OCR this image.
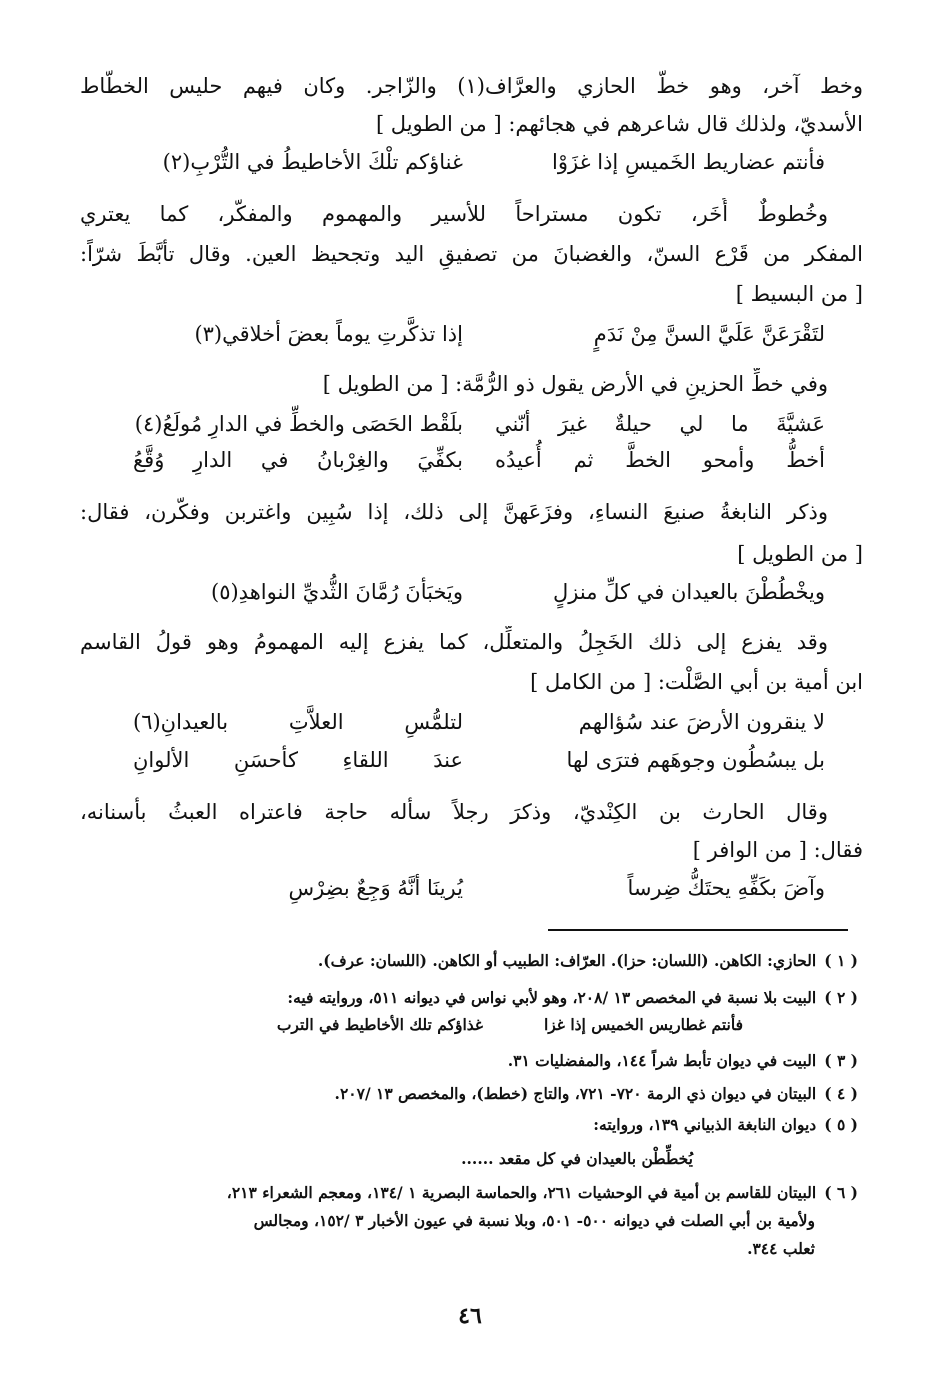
وخط آخر، وهو خطُّ الحازي والعرَّاف(١) والزّاجر. وكان فيهم حليس الخطَّاط
الأسديّ، ولذلك قال شاعرهم في هجائهم: [ من الطويل ]
فأنتم عضاريط الخَميسِ إذا غزَوْا
غناؤكم تلْكَ الأخاطيطُ في التُّرْبِ(٢)
وخُطوطٌ أُخَر، تكون مستراحاً للأسير والمهموم والمفكّر، كما يعتري
المفكر من قَرْع السنّ، والغضبانَ من تصفيقِ اليد وتجحيظ العين. وقال تأبَّطَ شرّاً:
[ من البسيط ]
لتَقْرَعَنَّ عَلَيَّ السنَّ مِنْ نَدَمٍ
إذا تذكَّرتِ يوماً بعضَ أخلاقي(٣)
وفي خطِّ الحزينِ في الأرض يقول ذو الرُّمَّة: [ من الطويل ]
عَشيَّةَ ما لي حيلةٌ غيرَ أنّني
بلَقْط الحَصَى والخطِّ في الدارِ مُولَعُ(٤)
أخطُّ وأمحو الخطَّ ثم أُعيدُه
بكفِّيَ والغِرْبانُ في الدارِ وُقَّعُ
وذكر النابغةُ صنيعَ النساءِ، وفزَعَهنَّ إلى ذلك، إذا سُبِين واغتربن وفكّرن، فقال:
[ من الطويل ]
ويخْطُطْنَ بالعيدان في كلِّ منزلٍ
ويَخبَأنَ رُمَّانَ الثُّديِّ النواهدِ(٥)
وقد يفزع إلى ذلك الخَجِلُ والمتعلِّل، كما يفزع إليه المهمومُ وهو قولُ القاسم
ابن أمية بن أبي الصَّلْت: [ من الكامل ]
لا ينقرون الأرضَ عند سُؤالهم
لتلمُّسِ العلاَّتِ بالعيدانِ(٦)
بل يبسُطُون وجوهَهم فترَى لها
عندَ اللقاءِ كأحسَنِ الألوانِ
وقال الحارث بن الكِنْديّ، وذكرَ رجلاً سأله حاجة فاعتراه العبثُ بأسنانه،
فقال: [ من الوافر ]
وآضَ بكَفِّهِ يحتَكُّ ضِرساً
يُرينَا أنَّهُ وَجِعٌ بضِرْسِ
( ١ )الحازي: الكاهن. (اللسان: حزا). العرّاف: الطبيب أو الكاهن. (اللسان: عرف).
( ٢ )البيت بلا نسبة في المخصص ١٣ /٢٠٨، وهو لأبي نواس في ديوانه ٥١١، وروايته فيه:
فأنتم غطاريس الخميس إذا غزا
غذاؤكم تلك الأخاطيط في الترب
( ٣ )البيت في ديوان تأبط شراً ١٤٤، والمفضليات ٣١.
( ٤ )البيتان في ديوان ذي الرمة ٧٢٠- ٧٢١، والتاج (خطط)، والمخصص ١٣ /٢٠٧.
( ٥ )ديوان النابغة الذبياني ١٣٩، وروايته:
يُخطِّطْن بالعيدان في كل مقعد ......
( ٦ )البيتان للقاسم بن أمية في الوحشيات ٢٦١، والحماسة البصرية ١ /١٣٤، ومعجم الشعراء ٢١٣،
ولأمية بن أبي الصلت في ديوانه ٥٠٠- ٥٠١، وبلا نسبة في عيون الأخبار ٣ /١٥٢، ومجالس
ثعلب ٣٤٤.
٤٦
